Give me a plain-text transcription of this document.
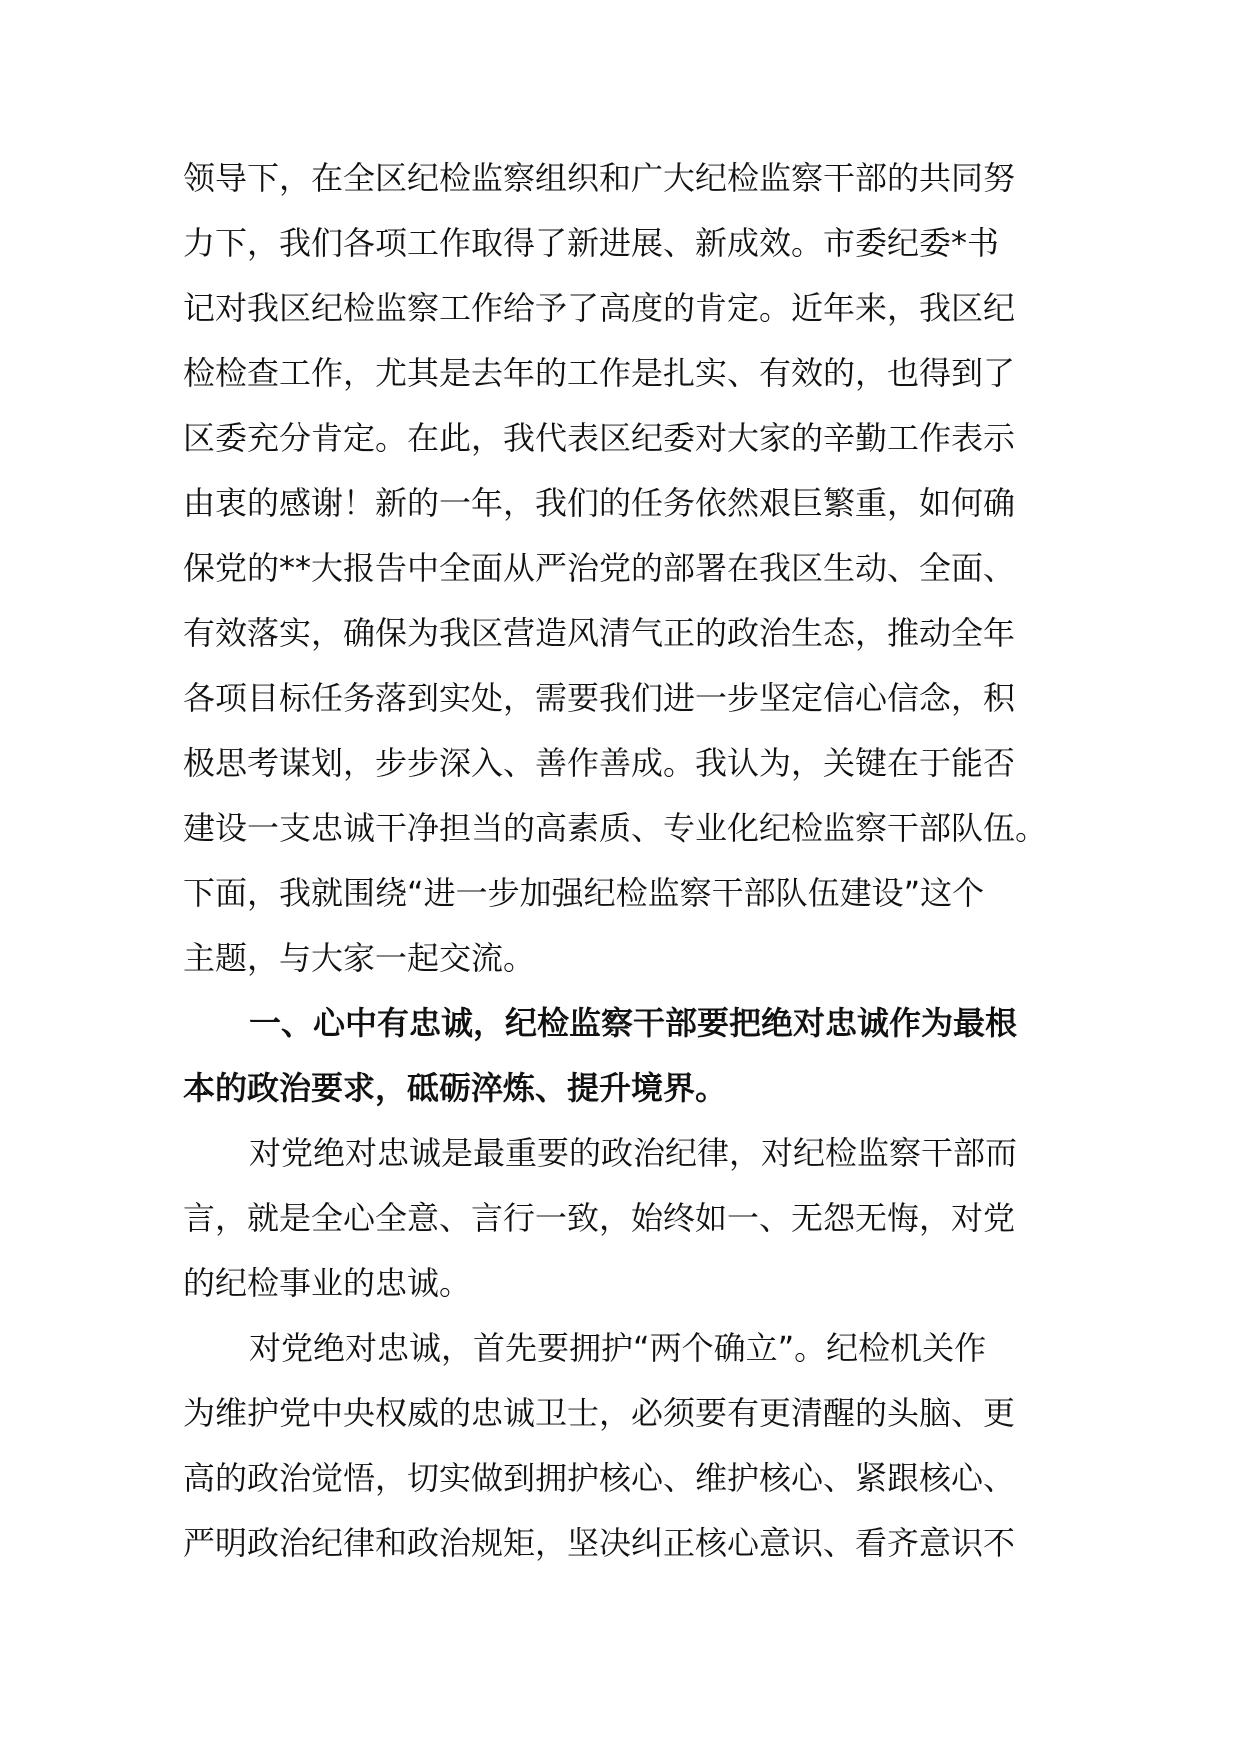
领导下，在全区纪检监察组织和广大纪检监察干部的共同努
力下，我们各项工作取得了新进展、新成效。市委纪委*书
记对我区纪检监察工作给予了高度的肯定。近年来，我区纪
检检查工作，尤其是去年的工作是扎实、有效的，也得到了
区委充分肯定。在此，我代表区纪委对大家的辛勤工作表示
由衷的感谢！新的一年，我们的任务依然艰巨繁重，如何确
保党的**大报告中全面从严治党的部署在我区生动、全面、
有效落实，确保为我区营造风清气正的政治生态，推动全年
各项目标任务落到实处，需要我们进一步坚定信心信念，积
极思考谋划，步步深入、善作善成。我认为，关键在于能否
建设一支忠诚干净担当的高素质、专业化纪检监察干部队伍。
下面，我就围绕“进一步加强纪检监察干部队伍建设”这个
主题，与大家一起交流。
一、心中有忠诚，纪检监察干部要把绝对忠诚作为最根
本的政治要求，砥砺淬炼、提升境界。
对党绝对忠诚是最重要的政治纪律，对纪检监察干部而
言，就是全心全意、言行一致，始终如一、无怨无悔，对党
的纪检事业的忠诚。
对党绝对忠诚，首先要拥护“两个确立”。纪检机关作
为维护党中央权威的忠诚卫士，必须要有更清醒的头脑、更
高的政治觉悟，切实做到拥护核心、维护核心、紧跟核心、
严明政治纪律和政治规矩，坚决纠正核心意识、看齐意识不
